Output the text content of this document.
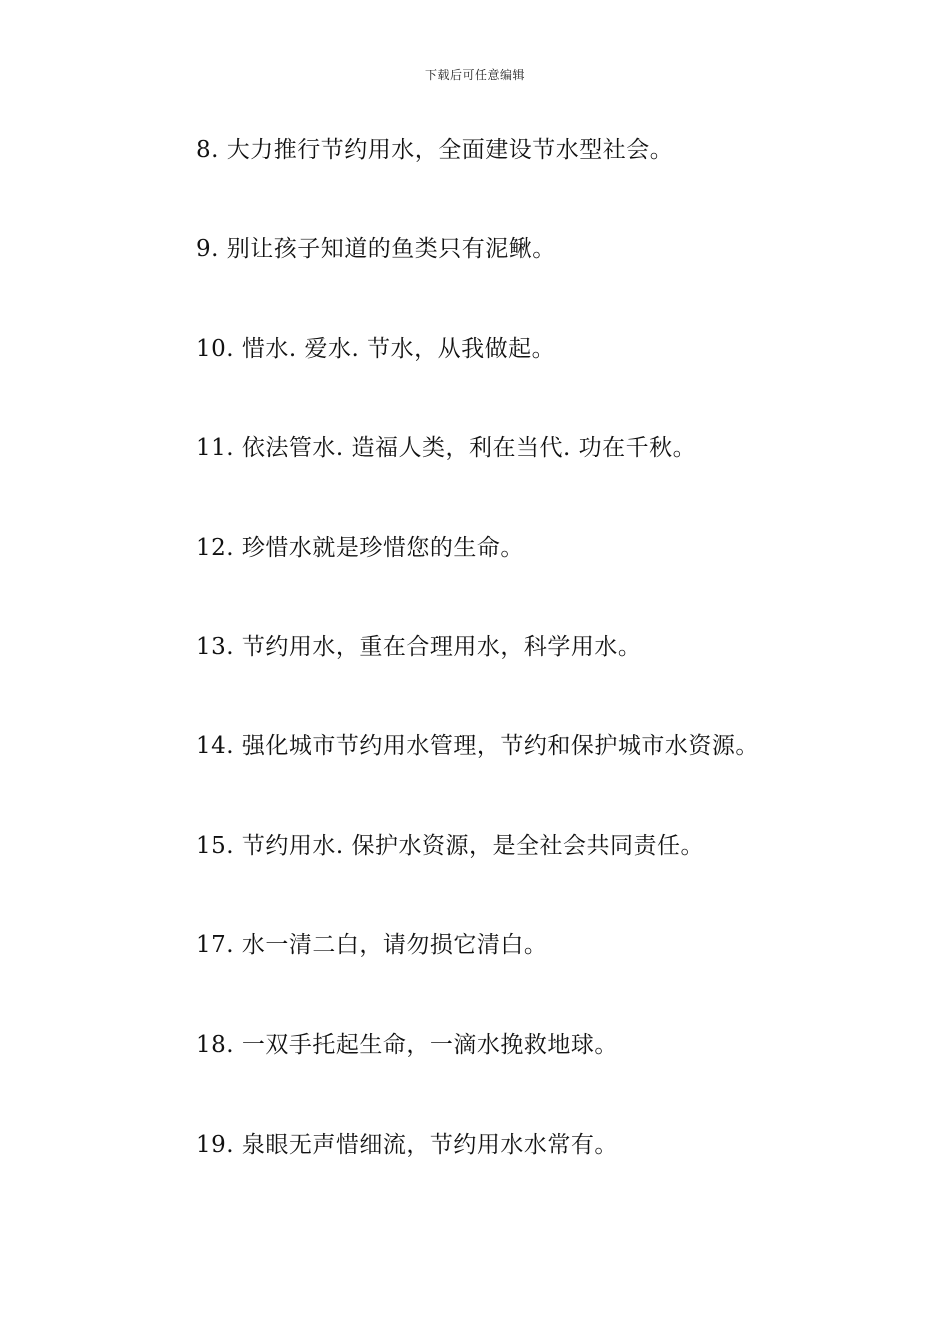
下载后可任意编辑
8. 大力推行节约用水，全面建设节水型社会。
9. 别让孩子知道的鱼类只有泥鳅。
10. 惜水. 爱水. 节水，从我做起。
11. 依法管水. 造福人类，利在当代. 功在千秋。
12. 珍惜水就是珍惜您的生命。
13. 节约用水，重在合理用水，科学用水。
14. 强化城市节约用水管理，节约和保护城市水资源。
15. 节约用水. 保护水资源，是全社会共同责任。
17. 水一清二白，请勿损它清白。
18. 一双手托起生命，一滴水挽救地球。
19. 泉眼无声惜细流，节约用水水常有。
